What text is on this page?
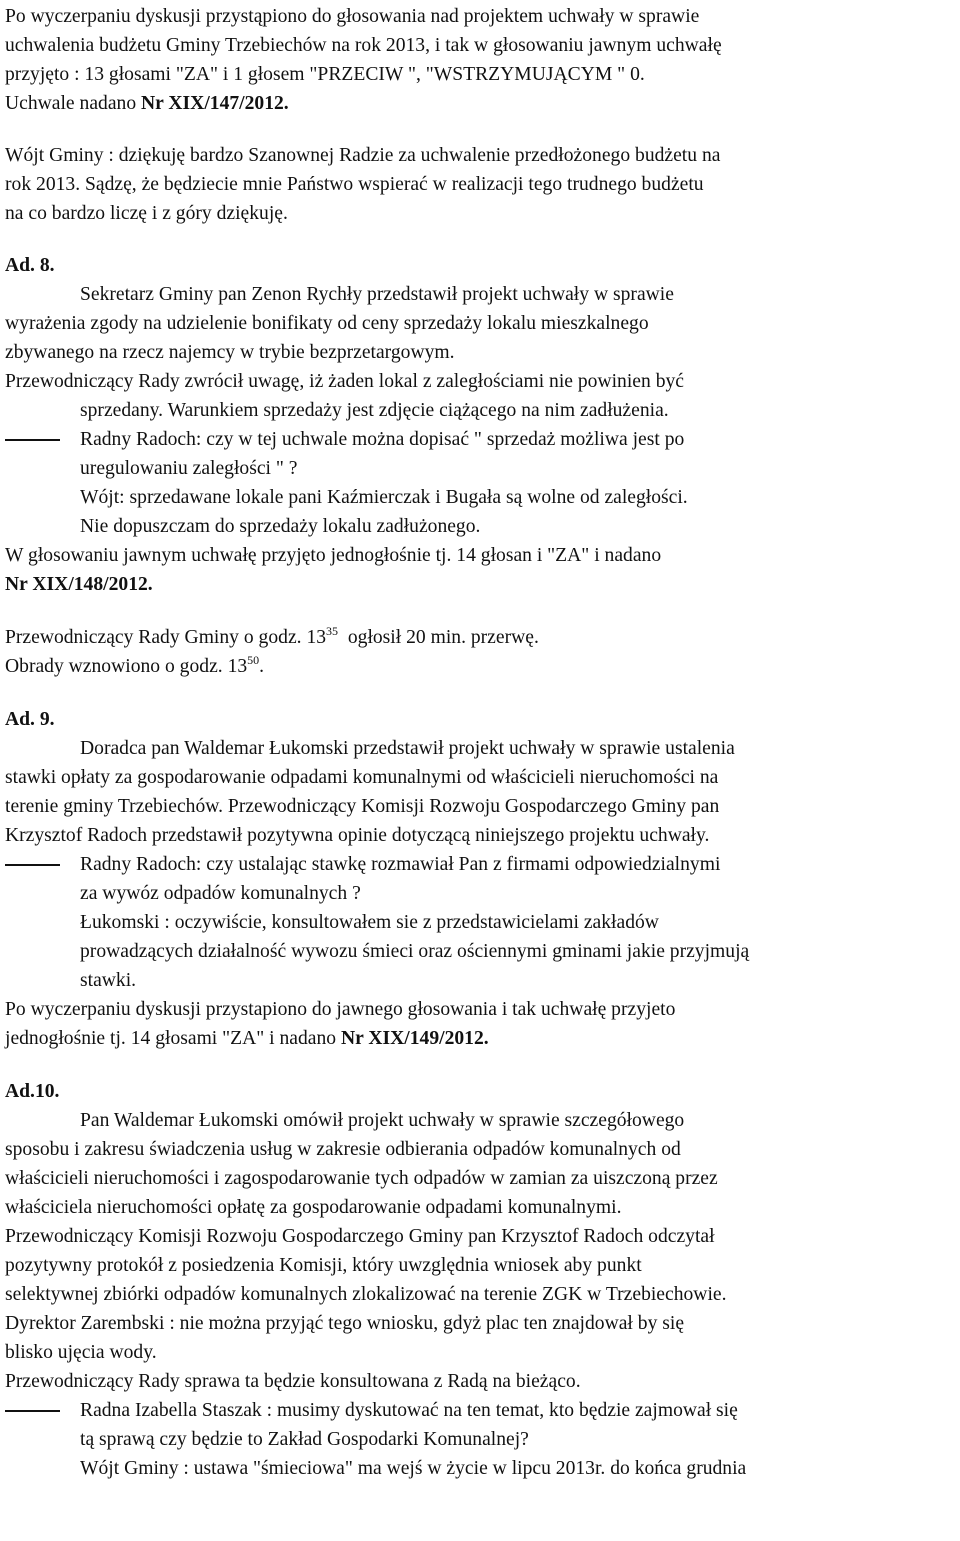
Po wyczerpaniu dyskusji przystąpiono do głosowania nad projektem uchwały w sprawie
uchwalenia budżetu Gminy Trzebiechów na rok 2013, i tak w głosowaniu jawnym uchwałę
przyjęto : 13 głosami "ZA" i 1 głosem "PRZECIW ", "WSTRZYMUJĄCYM " 0.
Uchwale nadano Nr XIX/147/2012.
Wójt Gminy : dziękuję bardzo Szanownej Radzie za uchwalenie przedłożonego budżetu na
rok 2013. Sądzę, że będziecie mnie Państwo wspierać w realizacji tego trudnego budżetu
na co bardzo liczę i z góry dziękuję.
Ad. 8.
Sekretarz Gminy pan Zenon Rychły przedstawił projekt uchwały w sprawie
wyrażenia zgody na udzielenie bonifikaty od ceny sprzedaży lokalu mieszkalnego
zbywanego na rzecz najemcy w trybie bezprzetargowym.
Przewodniczący Rady zwrócił uwagę, iż żaden lokal z zaległościami nie powinien być
sprzedany. Warunkiem sprzedaży jest zdjęcie ciążącego na nim zadłużenia.
Radny Radoch: czy w tej uchwale można dopisać " sprzedaż możliwa jest po
uregulowaniu zaległości " ?
Wójt: sprzedawane lokale pani Kaźmierczak i Bugała są wolne od zaległości.
Nie dopuszczam do sprzedaży lokalu zadłużonego.
W głosowaniu jawnym uchwałę przyjęto jednogłośnie tj. 14 głosan i "ZA" i nadano
Nr XIX/148/2012.
Przewodniczący Rady Gminy o godz. $13^{35}$  ogłosił 20 min. przerwę.
Obrady wznowiono o godz. $13^{50}$.
Ad. 9.
Doradca pan Waldemar Łukomski przedstawił projekt uchwały w sprawie ustalenia
stawki opłaty za gospodarowanie odpadami komunalnymi od właścicieli nieruchomości na
terenie gminy Trzebiechów. Przewodniczący Komisji Rozwoju Gospodarczego Gminy pan
Krzysztof Radoch przedstawił pozytywna opinie dotyczącą niniejszego projektu uchwały.
Radny Radoch: czy ustalając stawkę rozmawiał Pan z firmami odpowiedzialnymi
za wywóz odpadów komunalnych ?
Łukomski : oczywiście, konsultowałem sie z przedstawicielami zakładów
prowadzących działalność wywozu śmieci oraz ościennymi gminami jakie przyjmują
stawki.
Po wyczerpaniu dyskusji przystapiono do jawnego głosowania i tak uchwałę przyjeto
jednogłośnie tj. 14 głosami "ZA" i nadano Nr XIX/149/2012.
Ad.10.
Pan Waldemar Łukomski omówił projekt uchwały w sprawie szczegółowego
sposobu i zakresu świadczenia usług w zakresie odbierania odpadów komunalnych od
właścicieli nieruchomości i zagospodarowanie tych odpadów w zamian za uiszczoną przez
właściciela nieruchomości opłatę za gospodarowanie odpadami komunalnymi.
Przewodniczący Komisji Rozwoju Gospodarczego Gminy pan Krzysztof Radoch odczytał
pozytywny protokół z posiedzenia Komisji, który uwzględnia wniosek aby punkt
selektywnej zbiórki odpadów komunalnych zlokalizować na terenie ZGK w Trzebiechowie.
Dyrektor Zarembski : nie można przyjąć tego wniosku, gdyż plac ten znajdował by się
blisko ujęcia wody.
Przewodniczący Rady sprawa ta będzie konsultowana z Radą na bieżąco.
Radna Izabella Staszak : musimy dyskutować na ten temat, kto będzie zajmował się
tą sprawą czy będzie to Zakład Gospodarki Komunalnej?
Wójt Gminy : ustawa "śmieciowa" ma wejś w życie w lipcu 2013r. do końca grudnia
